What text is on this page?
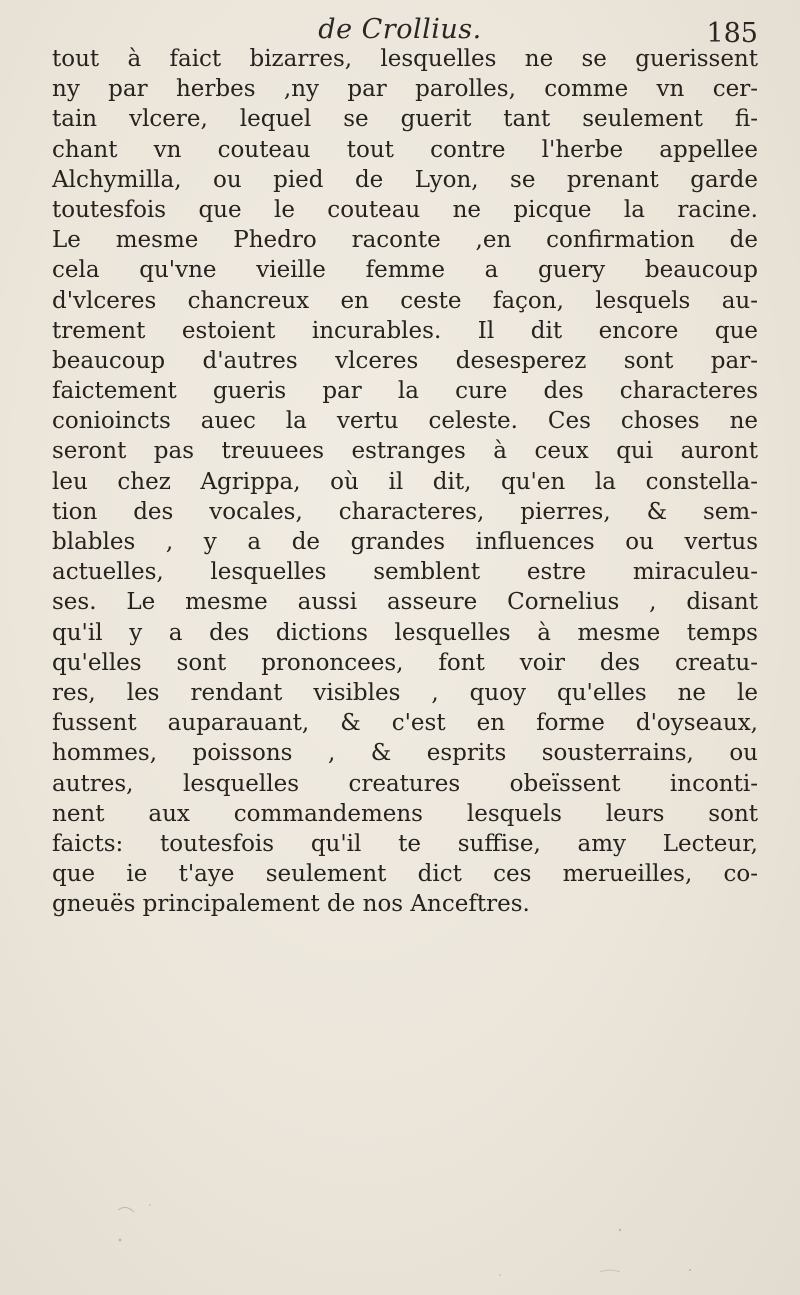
de Crollius.	185
tout à faict bizarres, lesquelles ne se guerissent
ny par herbes ,ny par parolles, comme vn cer-
tain vlcere, lequel se guerit tant seulement fi-
chant vn couteau tout contre l'herbe appellee
Alchymilla, ou pied de Lyon, se prenant garde
toutesfois que le couteau ne picque la racine.
Le mesme Phedro raconte ,en confirmation de
cela qu'vne vieille femme a guery beaucoup
d'vlceres chancreux en ceste façon, lesquels au-
trement estoient incurables. Il dit encore que
beaucoup d'autres vlceres desesperez sont par-
faictement gueris par la cure des characteres
conioincts auec la vertu celeste. Ces choses ne
seront pas treuuees estranges à ceux qui auront
leu chez Agrippa, où il dit, qu'en la constella-
tion des vocales, characteres, pierres, & sem-
blables , y a de grandes influences ou vertus
actuelles, lesquelles semblent estre miraculeu-
ses. Le mesme aussi asseure Cornelius , disant
qu'il y a des dictions lesquelles à mesme temps
qu'elles sont prononcees, font voir des creatu-
res, les rendant visibles , quoy qu'elles ne le
fussent auparauant, & c'est en forme d'oyseaux,
hommes, poissons , & esprits sousterrains, ou
autres, lesquelles creatures obeïssent inconti-
nent aux commandemens lesquels leurs sont
faicts: toutesfois qu'il te suffise, amy Lecteur,
que ie t'aye seulement dict ces merueilles, co-
gneuës principalement de nos Anceftres.
